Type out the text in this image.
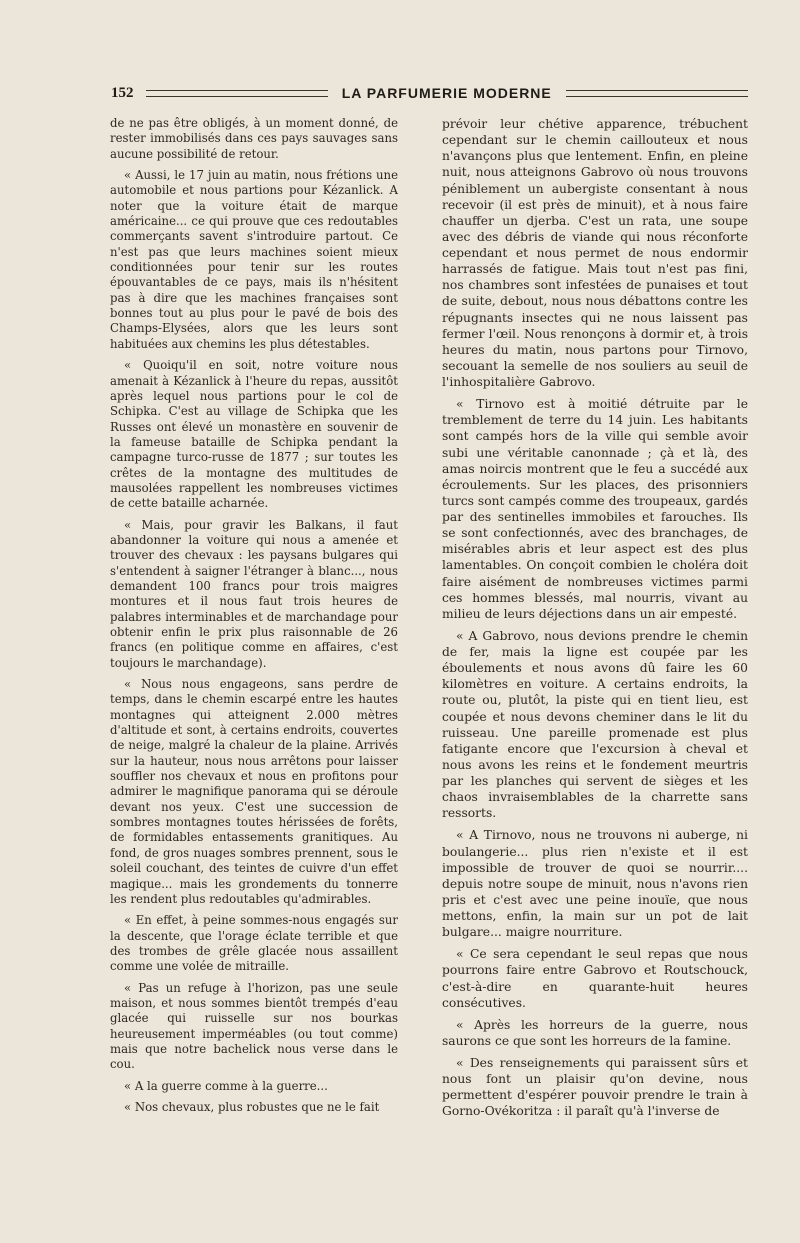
152	LA PARFUMERIE MODERNE

de ne pas être obligés, à un moment donné, de rester immobilisés dans ces pays sauvages sans aucune possibilité de retour.

« Aussi, le 17 juin au matin, nous frétions une automobile et nous partions pour Kézanlick. A noter que la voiture était de marque américaine... ce qui prouve que ces redoutables commerçants savent s'introduire partout. Ce n'est pas que leurs machines soient mieux conditionnées pour tenir sur les routes épouvantables de ce pays, mais ils n'hésitent pas à dire que les machines françaises sont bonnes tout au plus pour le pavé de bois des Champs-Elysées, alors que les leurs sont habituées aux chemins les plus détestables.

« Quoiqu'il en soit, notre voiture nous amenait à Kézanlick à l'heure du repas, aussitôt après lequel nous partions pour le col de Schipka. C'est au village de Schipka que les Russes ont élevé un monastère en souvenir de la fameuse bataille de Schipka pendant la campagne turco-russe de 1877 ; sur toutes les crêtes de la montagne des multitudes de mausolées rappellent les nombreuses victimes de cette bataille acharnée.

« Mais, pour gravir les Balkans, il faut abandonner la voiture qui nous a amenée et trouver des chevaux : les paysans bulgares qui s'entendent à saigner l'étranger à blanc..., nous demandent 100 francs pour trois maigres montures et il nous faut trois heures de palabres interminables et de marchandage pour obtenir enfin le prix plus raisonnable de 26 francs (en politique comme en affaires, c'est toujours le marchandage).

« Nous nous engageons, sans perdre de temps, dans le chemin escarpé entre les hautes montagnes qui atteignent 2.000 mètres d'altitude et sont, à certains endroits, couvertes de neige, malgré la chaleur de la plaine. Arrivés sur la hauteur, nous nous arrêtons pour laisser souffler nos chevaux et nous en profitons pour admirer le magnifique panorama qui se déroule devant nos yeux. C'est une succession de sombres montagnes toutes hérissées de forêts, de formidables entassements granitiques. Au fond, de gros nuages sombres prennent, sous le soleil couchant, des teintes de cuivre d'un effet magique... mais les grondements du tonnerre les rendent plus redoutables qu'admirables.

« En effet, à peine sommes-nous engagés sur la descente, que l'orage éclate terrible et que des trombes de grêle glacée nous assaillent comme une volée de mitraille.

« Pas un refuge à l'horizon, pas une seule maison, et nous sommes bientôt trempés d'eau glacée qui ruisselle sur nos bourkas heureusement imperméables (ou tout comme) mais que notre bachelick nous verse dans le cou.

« A la guerre comme à la guerre...

« Nos chevaux, plus robustes que ne le fait

prévoir leur chétive apparence, trébuchent cependant sur le chemin caillouteux et nous n'avançons plus que lentement. Enfin, en pleine nuit, nous atteignons Gabrovo où nous trouvons péniblement un aubergiste consentant à nous recevoir (il est près de minuit), et à nous faire chauffer un djerba. C'est un rata, une soupe avec des débris de viande qui nous réconforte cependant et nous permet de nous endormir harrassés de fatigue. Mais tout n'est pas fini, nos chambres sont infestées de punaises et tout de suite, debout, nous nous débattons contre les répugnants insectes qui ne nous laissent pas fermer l'œil. Nous renonçons à dormir et, à trois heures du matin, nous partons pour Tirnovo, secouant la semelle de nos souliers au seuil de l'inhospitalière Gabrovo.

« Tirnovo est à moitié détruite par le tremblement de terre du 14 juin. Les habitants sont campés hors de la ville qui semble avoir subi une véritable canonnade ; çà et là, des amas noircis montrent que le feu a succédé aux écroulements. Sur les places, des prisonniers turcs sont campés comme des troupeaux, gardés par des sentinelles immobiles et farouches. Ils se sont confectionnés, avec des branchages, de misérables abris et leur aspect est des plus lamentables. On conçoit combien le choléra doit faire aisément de nombreuses victimes parmi ces hommes blessés, mal nourris, vivant au milieu de leurs déjections dans un air empesté.

« A Gabrovo, nous devions prendre le chemin de fer, mais la ligne est coupée par les éboulements et nous avons dû faire les 60 kilomètres en voiture. A certains endroits, la route ou, plutôt, la piste qui en tient lieu, est coupée et nous devons cheminer dans le lit du ruisseau. Une pareille promenade est plus fatigante encore que l'excursion à cheval et nous avons les reins et le fondement meurtris par les planches qui servent de sièges et les chaos invraisemblables de la charrette sans ressorts.

« A Tirnovo, nous ne trouvons ni auberge, ni boulangerie... plus rien n'existe et il est impossible de trouver de quoi se nourrir.... depuis notre soupe de minuit, nous n'avons rien pris et c'est avec une peine inouïe, que nous mettons, enfin, la main sur un pot de lait bulgare... maigre nourriture.

« Ce sera cependant le seul repas que nous pourrons faire entre Gabrovo et Routschouck, c'est-à-dire en quarante-huit heures consécutives.

« Après les horreurs de la guerre, nous saurons ce que sont les horreurs de la famine.

« Des renseignements qui paraissent sûrs et nous font un plaisir qu'on devine, nous permettent d'espérer pouvoir prendre le train à Gorno-Ovékoritza : il paraît qu'à l'inverse de
